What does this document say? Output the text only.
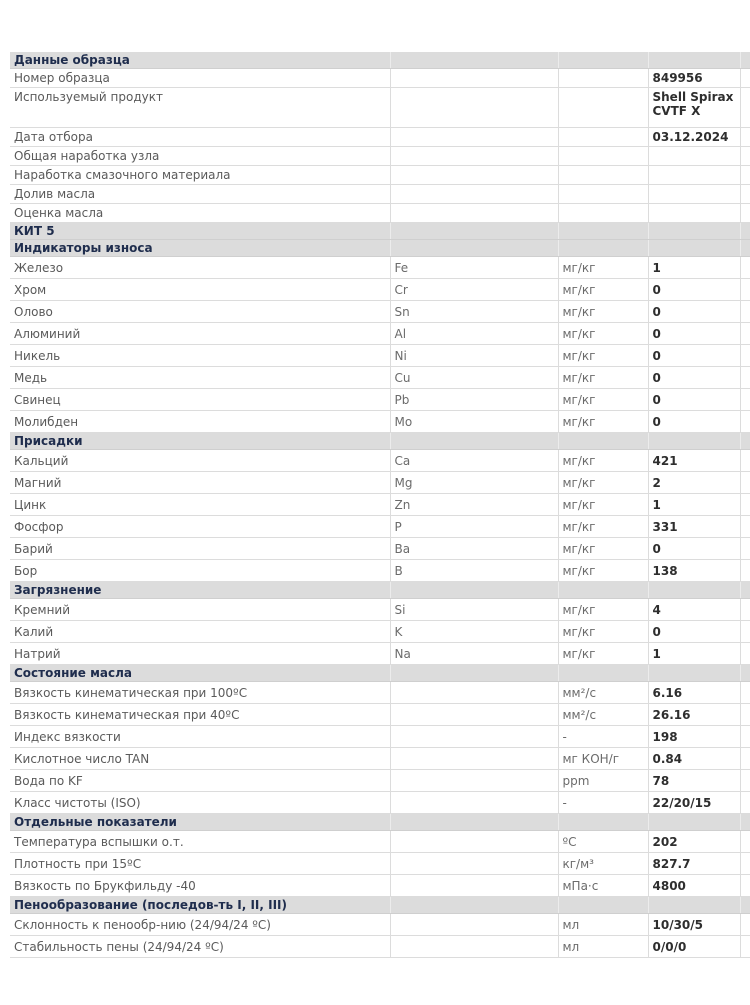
Данные образца				
Номер образца			849956	
Используемый продукт			Shell Spirax CVTF X	
Дата отбора			03.12.2024	
Общая наработка узла				
Наработка смазочного материала				
Долив масла				
Оценка масла				
КИТ 5				
Индикаторы износа				
Железо	Fe	мг/кг	1	
Хром	Cr	мг/кг	0	
Олово	Sn	мг/кг	0	
Алюминий	Al	мг/кг	0	
Никель	Ni	мг/кг	0	
Медь	Cu	мг/кг	0	
Свинец	Pb	мг/кг	0	
Молибден	Mo	мг/кг	0	
Присадки				
Кальций	Ca	мг/кг	421	
Магний	Mg	мг/кг	2	
Цинк	Zn	мг/кг	1	
Фосфор	P	мг/кг	331	
Барий	Ba	мг/кг	0	
Бор	B	мг/кг	138	
Загрязнение				
Кремний	Si	мг/кг	4	
Калий	K	мг/кг	0	
Натрий	Na	мг/кг	1	
Состояние масла				
Вязкость кинематическая при 100ºС		мм²/с	6.16	
Вязкость кинематическая при 40ºС		мм²/с	26.16	
Индекс вязкости		-	198	
Кислотное число TAN		мг КОН/г	0.84	
Вода по KF		ppm	78	
Класс чистоты (ISO)		-	22/20/15	
Отдельные показатели				
Температура вспышки о.т.		ºС	202	
Плотность при 15ºС		кг/м³	827.7	
Вязкость по Брукфильду -40		мПа·с	4800	
Пенообразование (последов-ть I, II, III)				
Склонность к пенообр-нию (24/94/24 ºС)		мл	10/30/5	
Стабильность пены (24/94/24 ºС)		мл	0/0/0	
